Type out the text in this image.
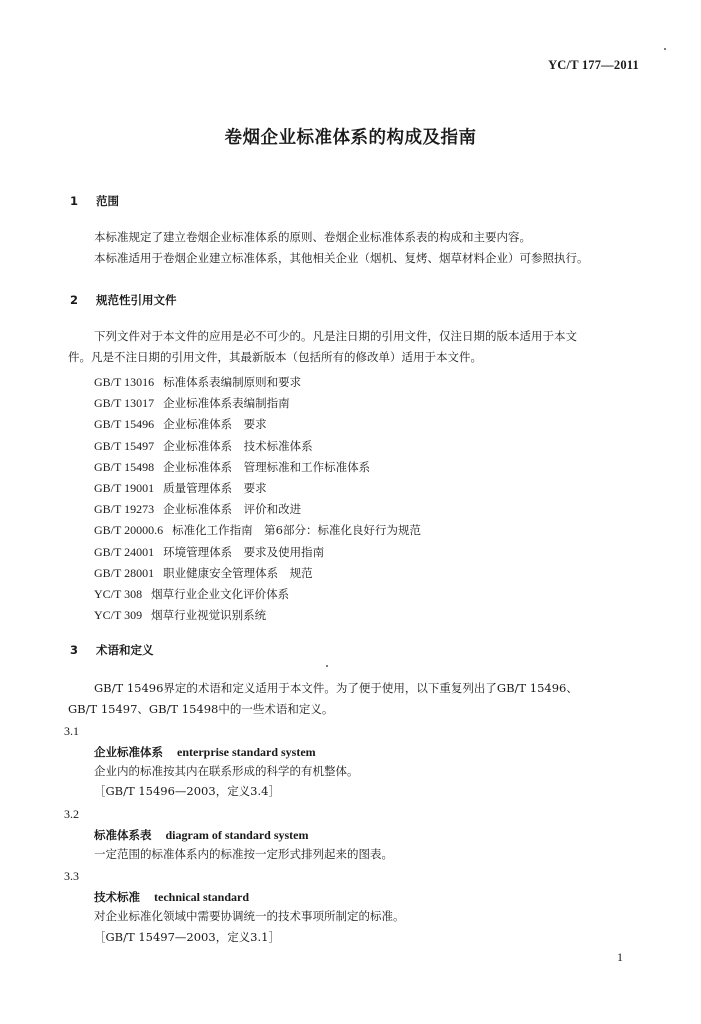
YC/T 177—2011
卷烟企业标准体系的构成及指南
1 范围
本标准规定了建立卷烟企业标准体系的原则、卷烟企业标准体系表的构成和主要内容。
本标准适用于卷烟企业建立标准体系，其他相关企业（烟机、复烤、烟草材料企业）可参照执行。
2 规范性引用文件
下列文件对于本文件的应用是必不可少的。凡是注日期的引用文件，仅注日期的版本适用于本文
件。凡是不注日期的引用文件，其最新版本（包括所有的修改单）适用于本文件。
GB/T 13016 标准体系表编制原则和要求
GB/T 13017 企业标准体系表编制指南
GB/T 15496 企业标准体系　要求
GB/T 15497 企业标准体系　技术标准体系
GB/T 15498 企业标准体系　管理标准和工作标准体系
GB/T 19001 质量管理体系　要求
GB/T 19273 企业标准体系　评价和改进
GB/T 20000.6 标准化工作指南　第6部分：标准化良好行为规范
GB/T 24001 环境管理体系　要求及使用指南
GB/T 28001 职业健康安全管理体系　规范
YC/T 308 烟草行业企业文化评价体系
YC/T 309 烟草行业视觉识别系统
3 术语和定义
GB/T 15496界定的术语和定义适用于本文件。为了便于使用，以下重复列出了GB/T 15496、
GB/T 15497、GB/T 15498中的一些术语和定义。
3.1
企业标准体系 enterprise standard system
企业内的标准按其内在联系形成的科学的有机整体。
［GB/T 15496—2003，定义3.4］
3.2
标准体系表 diagram of standard system
一定范围的标准体系内的标准按一定形式排列起来的图表。
3.3
技术标准 technical standard
对企业标准化领域中需要协调统一的技术事项所制定的标准。
［GB/T 15497—2003，定义3.1］
1
